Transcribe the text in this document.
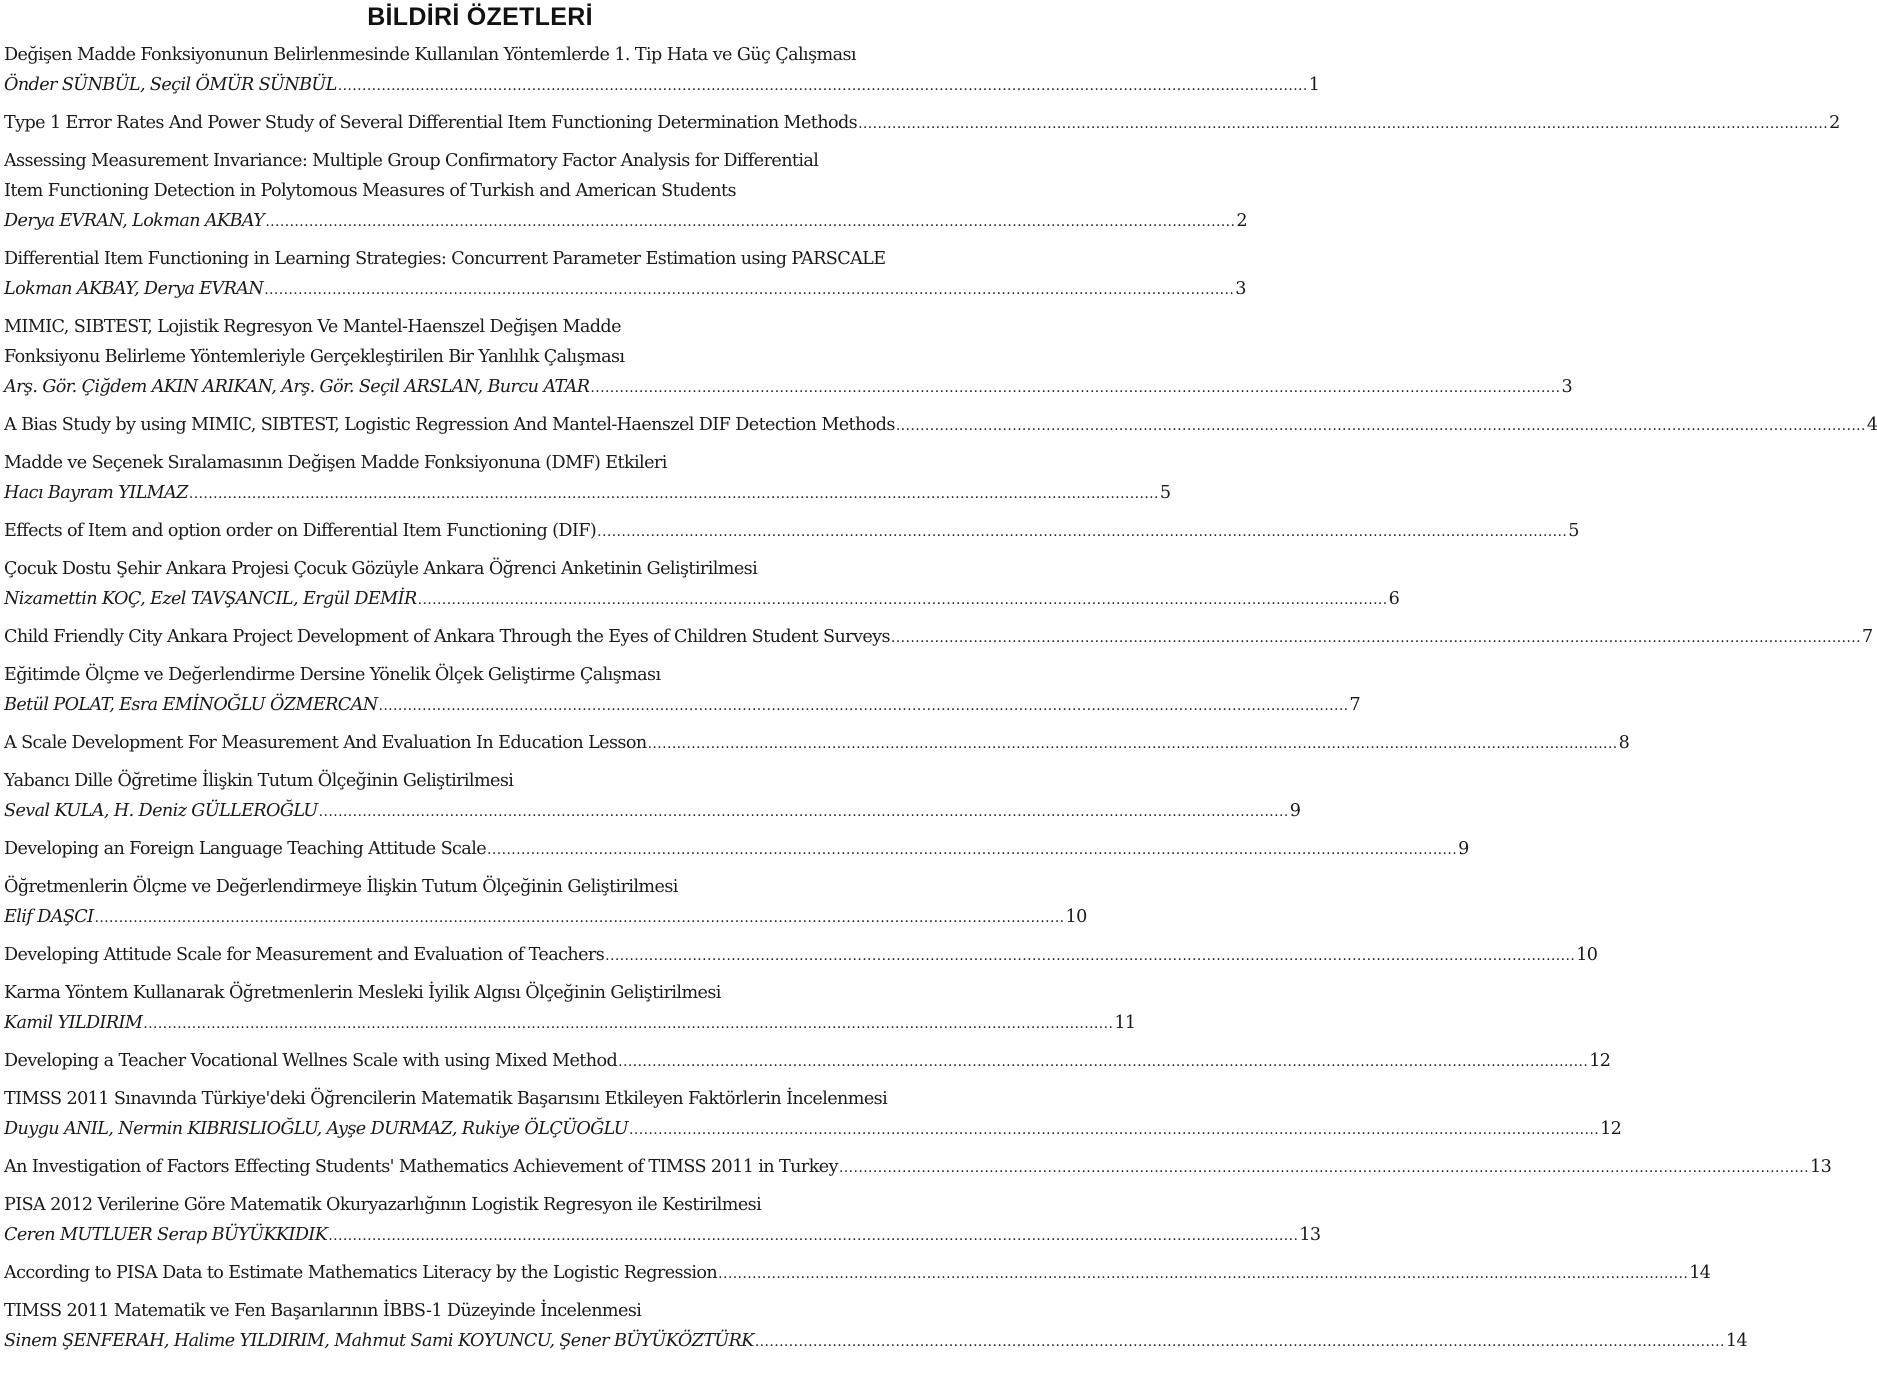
BİLDİRİ ÖZETLERİ
Değişen Madde Fonksiyonunun Belirlenmesinde Kullanılan Yöntemlerde 1. Tip Hata ve Güç Çalışması
Önder SÜNBÜL, Seçil ÖMÜR SÜNBÜL .....	1
Type 1 Error Rates And Power Study of Several Differential Item Functioning Determination Methods .....	2
Assessing Measurement Invariance: Multiple Group Confirmatory Factor Analysis for Differential
Item Functioning Detection in Polytomous Measures of Turkish and American Students
Derya EVRAN, Lokman AKBAY .....	2
Differential Item Functioning in Learning Strategies: Concurrent Parameter Estimation using PARSCALE
Lokman AKBAY, Derya EVRAN .....	3
MIMIC, SIBTEST, Lojistik Regresyon Ve Mantel-Haenszel Değişen Madde
Fonksiyonu Belirleme Yöntemleriyle Gerçekleştirilen Bir Yanlılık Çalışması
Arş. Gör. Çiğdem AKIN ARIKAN, Arş. Gör. Seçil ARSLAN, Burcu ATAR .....	3
A Bias Study by using MIMIC, SIBTEST, Logistic Regression And Mantel-Haenszel DIF Detection Methods .....	4
Madde ve Seçenek Sıralamasının Değişen Madde Fonksiyonuna (DMF) Etkileri
Hacı Bayram YILMAZ .....	5
Effects of Item and option order on Differential Item Functioning (DIF) .....	5
Çocuk Dostu Şehir Ankara Projesi Çocuk Gözüyle Ankara Öğrenci Anketinin Geliştirilmesi
Nizamettin KOÇ, Ezel TAVŞANCIL, Ergül DEMİR .....	6
Child Friendly City Ankara Project Development of Ankara Through the Eyes of Children Student Surveys .....	7
Eğitimde Ölçme ve Değerlendirme Dersine Yönelik Ölçek Geliştirme Çalışması
Betül POLAT, Esra EMİNOĞLU ÖZMERCAN .....	7
A Scale Development For Measurement And Evaluation In Education Lesson .....	8
Yabancı Dille Öğretime İlişkin Tutum Ölçeğinin Geliştirilmesi
Seval KULA, H. Deniz GÜLLEROĞLU .....	9
Developing an Foreign Language Teaching Attitude Scale .....	9
Öğretmenlerin Ölçme ve Değerlendirmeye İlişkin Tutum Ölçeğinin Geliştirilmesi
Elif DAŞCI .....	10
Developing Attitude Scale for Measurement and Evaluation of Teachers .....	10
Karma Yöntem Kullanarak Öğretmenlerin Mesleki İyilik Algısı Ölçeğinin Geliştirilmesi
Kamil YILDIRIM .....	11
Developing a Teacher Vocational Wellnes Scale with using Mixed Method .....	12
TIMSS 2011 Sınavında Türkiye'deki Öğrencilerin Matematik Başarısını Etkileyen Faktörlerin İncelenmesi
Duygu ANIL, Nermin KIBRISLIOĞLU, Ayşe DURMAZ, Rukiye ÖLÇÜOĞLU .....	12
An Investigation of Factors Effecting Students' Mathematics Achievement of TIMSS 2011 in Turkey .....	13
PISA 2012 Verilerine Göre Matematik Okuryazarlığının Logistik Regresyon ile Kestirilmesi
Ceren MUTLUER Serap BÜYÜKKIDIK .....	13
According to PISA Data to Estimate Mathematics Literacy by the Logistic Regression .....	14
TIMSS 2011 Matematik ve Fen Başarılarının İBBS-1 Düzeyinde İncelenmesi
Sinem ŞENFERAH, Halime YILDIRIM, Mahmut Sami KOYUNCU, Şener BÜYÜKÖZTÜRK .....	14
